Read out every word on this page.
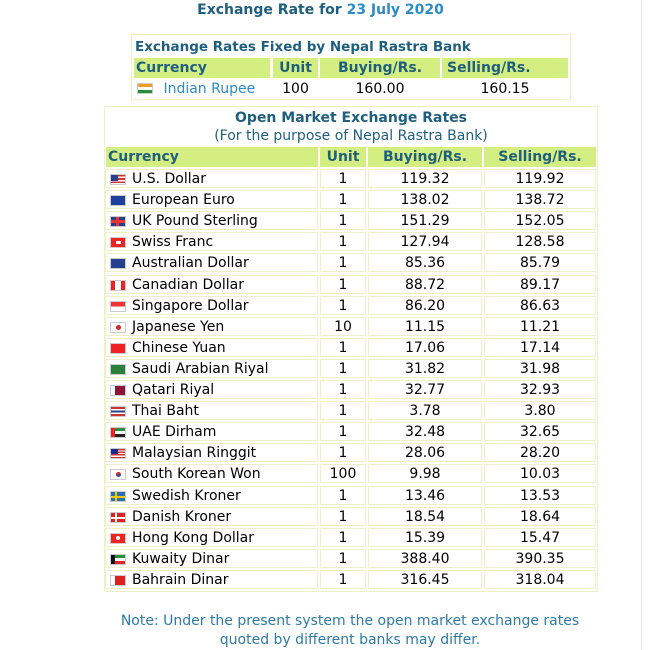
Exchange Rate for 23 July 2020
Exchange Rates Fixed by Nepal Rastra Bank
Currency	Unit	Buying/Rs.	Selling/Rs.
Indian Rupee	100	160.00	160.15
Open Market Exchange Rates
(For the purpose of Nepal Rastra Bank)
Currency	Unit	Buying/Rs.	Selling/Rs.
U.S. Dollar	1	119.32	119.92
European Euro	1	138.02	138.72
UK Pound Sterling	1	151.29	152.05
Swiss Franc	1	127.94	128.58
Australian Dollar	1	85.36	85.79
Canadian Dollar	1	88.72	89.17
Singapore Dollar	1	86.20	86.63
Japanese Yen	10	11.15	11.21
Chinese Yuan	1	17.06	17.14
Saudi Arabian Riyal	1	31.82	31.98
Qatari Riyal	1	32.77	32.93
Thai Baht	1	3.78	3.80
UAE Dirham	1	32.48	32.65
Malaysian Ringgit	1	28.06	28.20
South Korean Won	100	9.98	10.03
Swedish Kroner	1	13.46	13.53
Danish Kroner	1	18.54	18.64
Hong Kong Dollar	1	15.39	15.47
Kuwaity Dinar	1	388.40	390.35
Bahrain Dinar	1	316.45	318.04
Note: Under the present system the open market exchange rates
quoted by different banks may differ.
